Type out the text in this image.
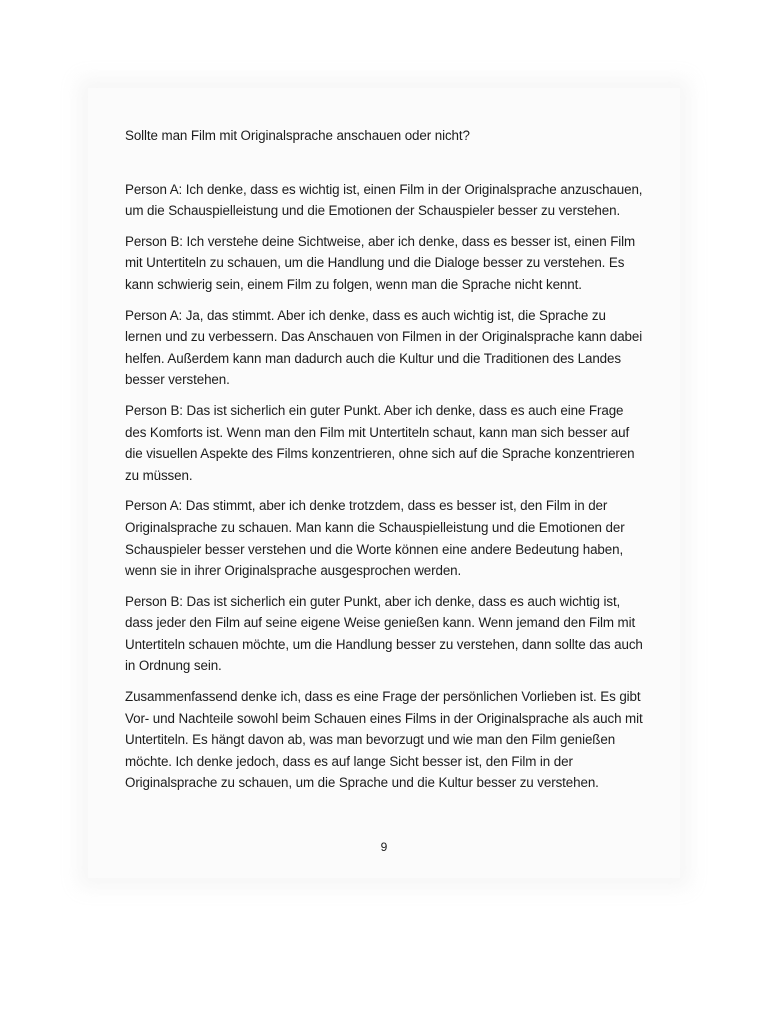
Sollte man Film mit Originalsprache anschauen oder nicht?

Person A: Ich denke, dass es wichtig ist, einen Film in der Originalsprache anzuschauen, um die Schauspielleistung und die Emotionen der Schauspieler besser zu verstehen.

Person B: Ich verstehe deine Sichtweise, aber ich denke, dass es besser ist, einen Film mit Untertiteln zu schauen, um die Handlung und die Dialoge besser zu verstehen. Es kann schwierig sein, einem Film zu folgen, wenn man die Sprache nicht kennt.

Person A: Ja, das stimmt. Aber ich denke, dass es auch wichtig ist, die Sprache zu lernen und zu verbessern. Das Anschauen von Filmen in der Originalsprache kann dabei helfen. Außerdem kann man dadurch auch die Kultur und die Traditionen des Landes besser verstehen.

Person B: Das ist sicherlich ein guter Punkt. Aber ich denke, dass es auch eine Frage des Komforts ist. Wenn man den Film mit Untertiteln schaut, kann man sich besser auf die visuellen Aspekte des Films konzentrieren, ohne sich auf die Sprache konzentrieren zu müssen.

Person A: Das stimmt, aber ich denke trotzdem, dass es besser ist, den Film in der Originalsprache zu schauen. Man kann die Schauspielleistung und die Emotionen der Schauspieler besser verstehen und die Worte können eine andere Bedeutung haben, wenn sie in ihrer Originalsprache ausgesprochen werden.

Person B: Das ist sicherlich ein guter Punkt, aber ich denke, dass es auch wichtig ist, dass jeder den Film auf seine eigene Weise genießen kann. Wenn jemand den Film mit Untertiteln schauen möchte, um die Handlung besser zu verstehen, dann sollte das auch in Ordnung sein.

Zusammenfassend denke ich, dass es eine Frage der persönlichen Vorlieben ist. Es gibt Vor- und Nachteile sowohl beim Schauen eines Films in der Originalsprache als auch mit Untertiteln. Es hängt davon ab, was man bevorzugt und wie man den Film genießen möchte. Ich denke jedoch, dass es auf lange Sicht besser ist, den Film in der Originalsprache zu schauen, um die Sprache und die Kultur besser zu verstehen.

9
